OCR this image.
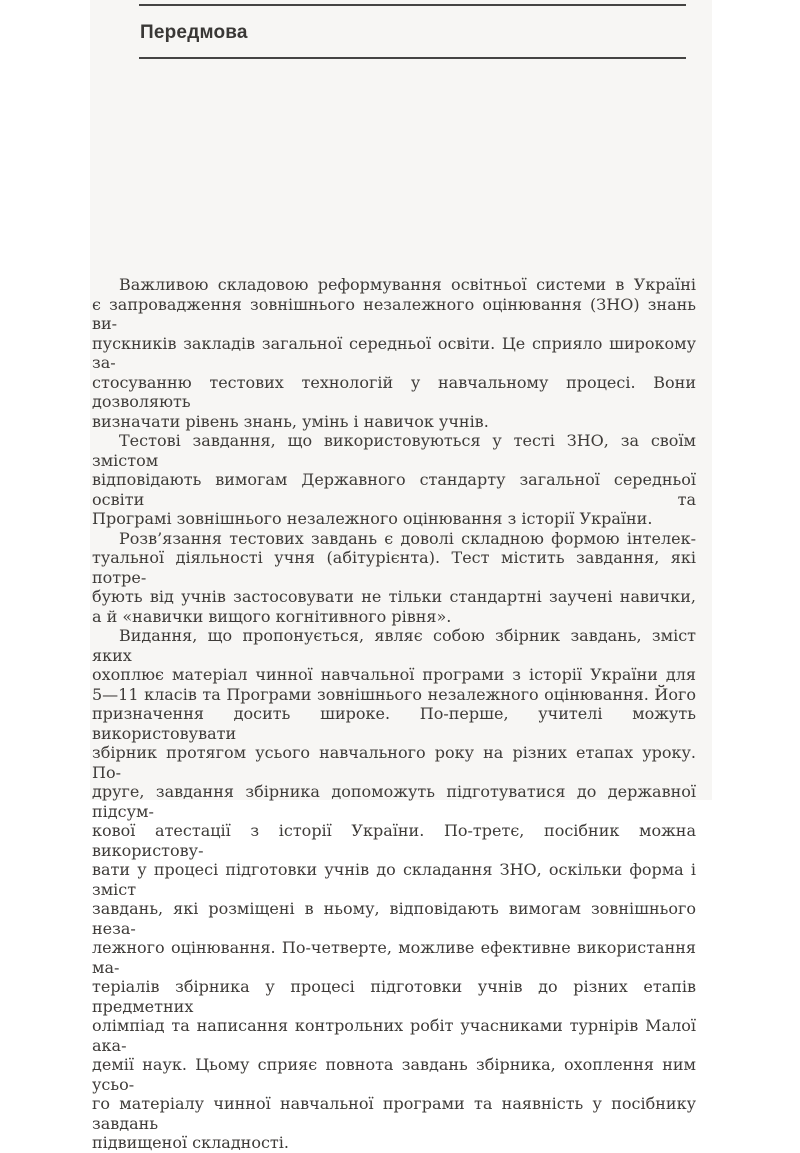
Передмова
Важливою складовою реформування освітньої системи в Україні
є запровадження зовнішнього незалежного оцінювання (ЗНО) знань ви-
пускників закладів загальної середньої освіти. Це сприяло широкому за-
стосуванню тестових технологій у навчальному процесі. Вони дозволяють
визначати рівень знань, умінь і навичок учнів.
Тестові завдання, що використовуються у тесті ЗНО, за своїм змістом
відповідають вимогам Державного стандарту загальної середньої освіти та
Програмі зовнішнього незалежного оцінювання з історії України.
Розв’язання тестових завдань є доволі складною формою інтелек-
туальної діяльності учня (абітурієнта). Тест містить завдання, які потре-
бують від учнів застосовувати не тільки стандартні заучені навички,
а й «навички вищого когнітивного рівня».
Видання, що пропонується, являє собою збірник завдань, зміст яких
охоплює матеріал чинної навчальної програми з історії України для
5—11 класів та Програми зовнішнього незалежного оцінювання. Його
призначення досить широке. По-перше, учителі можуть використовувати
збірник протягом усього навчального року на різних етапах уроку. По-
друге, завдання збірника допоможуть підготуватися до державної підсум-
кової атестації з історії України. По-третє, посібник можна використову-
вати у процесі підготовки учнів до складання ЗНО, оскільки форма і зміст
завдань, які розміщені в ньому, відповідають вимогам зовнішнього неза-
лежного оцінювання. По-четверте, можливе ефективне використання ма-
теріалів збірника у процесі підготовки учнів до різних етапів предметних
олімпіад та написання контрольних робіт учасниками турнірів Малої ака-
демії наук. Цьому сприяє повнота завдань збірника, охоплення ним усьо-
го матеріалу чинної навчальної програми та наявність у посібнику завдань
підвищеної складності.
